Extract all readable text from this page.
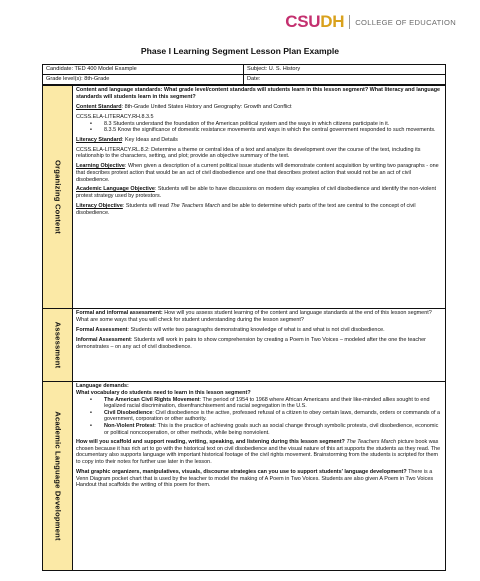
CSUDH COLLEGE OF EDUCATION
Phase I Learning Segment Lesson Plan Example
Candidate: TED 400 Model Example	Subject: U. S. History
Grade level(s): 8th-Grade	Date:
Organizing Content

Content and language standards: What grade level/content standards will students learn in this lesson segment? What literacy and language standards will students learn in this segment?

Content Standard: 8th-Grade United States History and Geography: Growth and Conflict

CCSS.ELA-LITERACY.RH.8.3.5

• 8.3 Students understand the foundation of the American political system and the ways in which citizens participate in it.
• 8.3.5 Know the significance of domestic resistance movements and ways in which the central government responded to such movements.

Literacy Standard: Key Ideas and Details

CCSS.ELA-LITERACY.RL.8.2: Determine a theme or central idea of a text and analyze its development over the course of the text, including its relationship to the characters, setting, and plot; provide an objective summary of the text.

Learning Objective: When given a description of a current political issue students will demonstrate content acquisition by writing two paragraphs - one that describes protest action that would be an act of civil disobedience and one that describes protest action that would not be an act of civil disobedience.

Academic Language Objective: Students will be able to have discussions on modern day examples of civil disobedience and identify the non-violent protest strategy used by protestors.

Literacy Objective: Students will read The Teachers March and be able to determine which parts of the text are central to the concept of civil disobedience.

Assessment

Formal and informal assessment: How will you assess student learning of the content and language standards at the end of this lesson segment? What are some ways that you will check for student understanding during the lesson segment?

Formal Assessment: Students will write two paragraphs demonstrating knowledge of what is and what is not civil disobedience.

Informal Assessment: Students will work in pairs to show comprehension by creating a Poem in Two Voices – modeled after the one the teacher demonstrates – on any act of civil disobedience.

Academic Language Development

Language demands:

What vocabulary do students need to learn in this lesson segment?

• The American Civil Rights Movement: The period of 1954 to 1968 where African Americans and their like-minded allies sought to end legalized racial discrimination, disenfranchisement and racial segregation in the U.S.
• Civil Disobedience: Civil disobedience is the active, professed refusal of a citizen to obey certain laws, demands, orders or commands of a government, corporation or other authority.
• Non-Violent Protest: This is the practice of achieving goals such as social change through symbolic protests, civil disobedience, economic or political noncooperation, or other methods, while being nonviolent.

How will you scaffold and support reading, writing, speaking, and listening during this lesson segment? The Teachers March picture book was chosen because it has rich art to go with the historical text on civil disobedience and the visual nature of this art supports the students as they read. The documentary also supports language with important historical footage of the civil rights movement. Brainstorming from the students is scripted for them to copy into their notes for further use later in the lesson.

What graphic organizers, manipulatives, visuals, discourse strategies can you use to support students' language development? There is a Venn Diagram pocket chart that is used by the teacher to model the making of A Poem in Two Voices. Students are also given A Poem in Two Voices Handout that scaffolds the writing of this poem for them.
